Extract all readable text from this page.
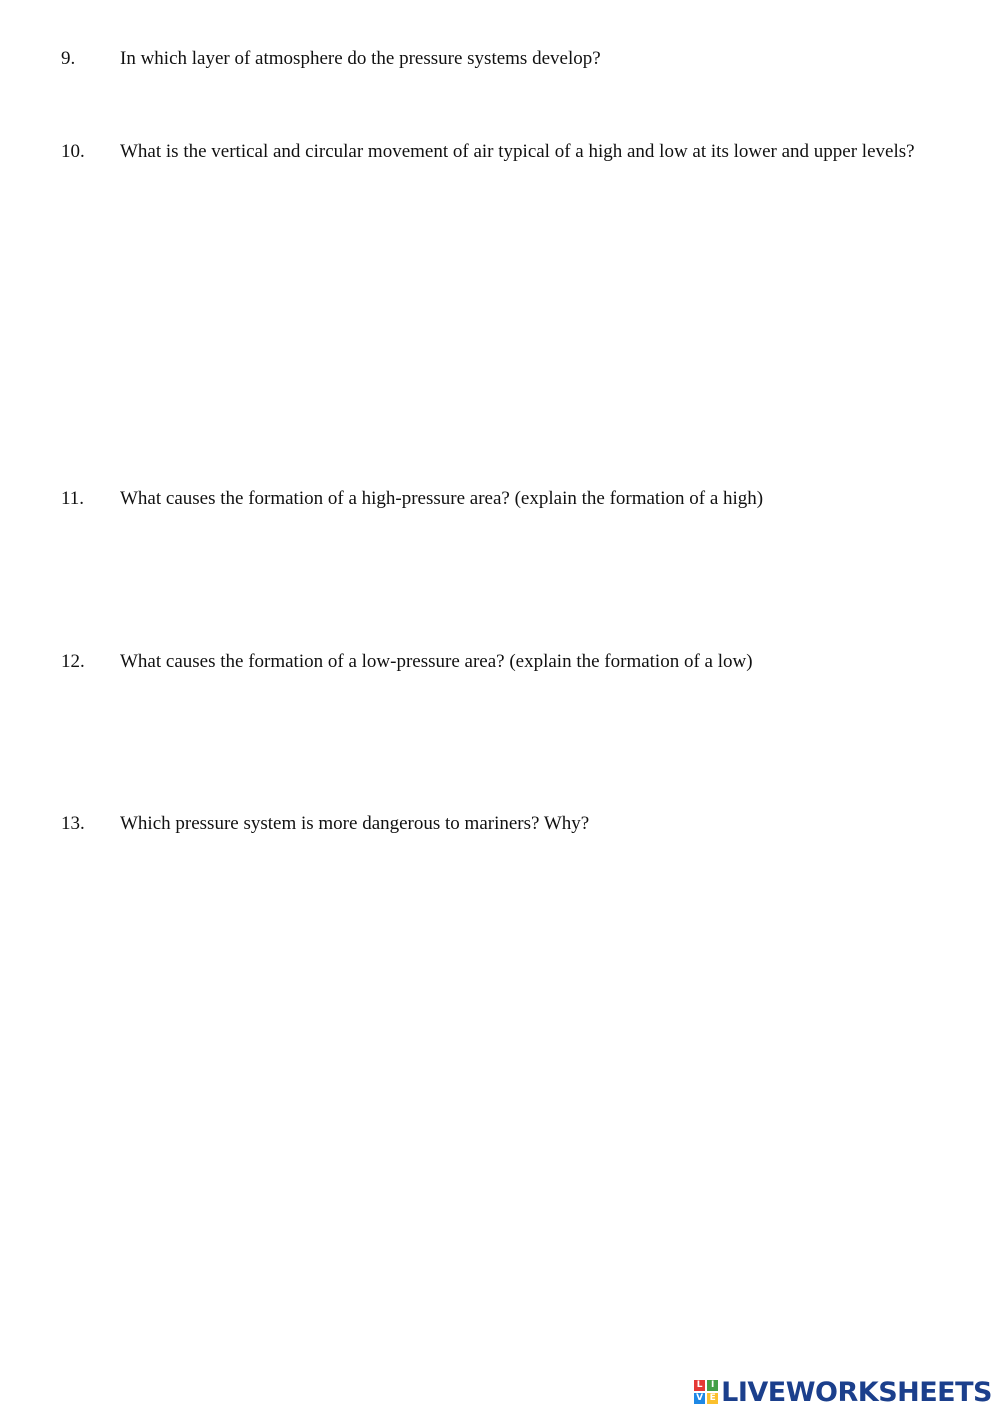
9. In which layer of atmosphere do the pressure systems develop?
10. What is the vertical and circular movement of air typical of a high and low at its lower and upper levels?
11. What causes the formation of a high-pressure area? (explain the formation of a high)
12. What causes the formation of a low-pressure area? (explain the formation of a low)
13. Which pressure system is more dangerous to mariners? Why?
L I
V E LIVEWORKSHEETS
